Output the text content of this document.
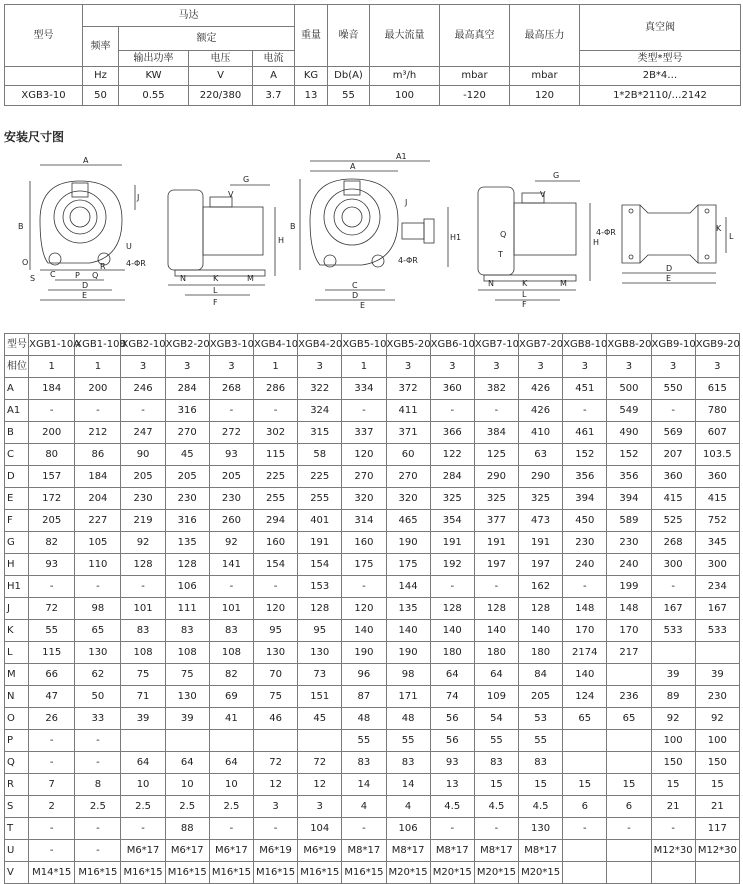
型号	马达				重量	噪音	最大流量	最高真空	最高压力	真空阀
	频率	额定								
		输出功率	电压	电流						类型*型号
	Hz	KW	V	A	KG	Db(A)	m³/h	mbar	mbar	2B*4…
XGB3-10	50	0.55	220/380	3.7	13	55	100	-120	120	1*2B*2110/…2142
安装尺寸图
A
B
J
O
S C P Q
R
U
4-ΦR
D
E
G
V
H
N	K	M
L
F
A1
A
B
J
H1
4-ΦR
C
D
E
G
V
H
Q
T
N	K	M
L
F
4-ΦR	K
L
D
E
型号	XGB1-10A	XGB1-10B	XGB2-10	XGB2-20	XGB3-10	XGB4-10	XGB4-20	XGB5-10	XGB5-20	XGB6-10	XGB7-10	XGB7-20	XGB8-10	XGB8-20	XGB9-10	XGB9-20
相位	1	1	3	3	3	1	3	1	3	3	3	3	3	3	3	3
A	184	200	246	284	268	286	322	334	372	360	382	426	451	500	550	615
A1	-	-	-	316	-	-	324	-	411	-	-	426	-	549	-	780
B	200	212	247	270	272	302	315	337	371	366	384	410	461	490	569	607
C	80	86	90	45	93	115	58	120	60	122	125	63	152	152	207	103.5
D	157	184	205	205	205	225	225	270	270	284	290	290	356	356	360	360
E	172	204	230	230	230	255	255	320	320	325	325	325	394	394	415	415
F	205	227	219	316	260	294	401	314	465	354	377	473	450	589	525	752
G	82	105	92	135	92	160	191	160	190	191	191	191	230	230	268	345
H	93	110	128	128	141	154	154	175	175	192	197	197	240	240	300	300
H1	-	-	-	106	-	-	153	-	144	-	-	162	-	199	-	234
J	72	98	101	111	101	120	128	120	135	128	128	128	148	148	167	167
K	55	65	83	83	83	95	95	140	140	140	140	140	170	170	533	533
L	115	130	108	108	108	130	130	190	190	180	180	180	2174	217		
M	66	62	75	75	82	70	73	96	98	64	64	84	140		39	39
N	47	50	71	130	69	75	151	87	171	74	109	205	124	236	89	230
O	26	33	39	39	41	46	45	48	48	56	54	53	65	65	92	92
P	-	-						55	55	56	55	55			100	100
Q	-	-	64	64	64	72	72	83	83	93	83	83			150	150
R	7	8	10	10	10	12	12	14	14	13	15	15	15	15	15	15
S	2	2.5	2.5	2.5	2.5	3	3	4	4	4.5	4.5	4.5	6	6	21	21
T	-	-	-	88	-	-	104	-	106	-	-	130	-	-	-	117
U	-	-	M6*17	M6*17	M6*17	M6*19	M6*19	M8*17	M8*17	M8*17	M8*17	M8*17			M12*30	M12*30
V	M14*15	M16*15	M16*15	M16*15	M16*15	M16*15	M16*15	M16*15	M20*15	M20*15	M20*15	M20*15				
